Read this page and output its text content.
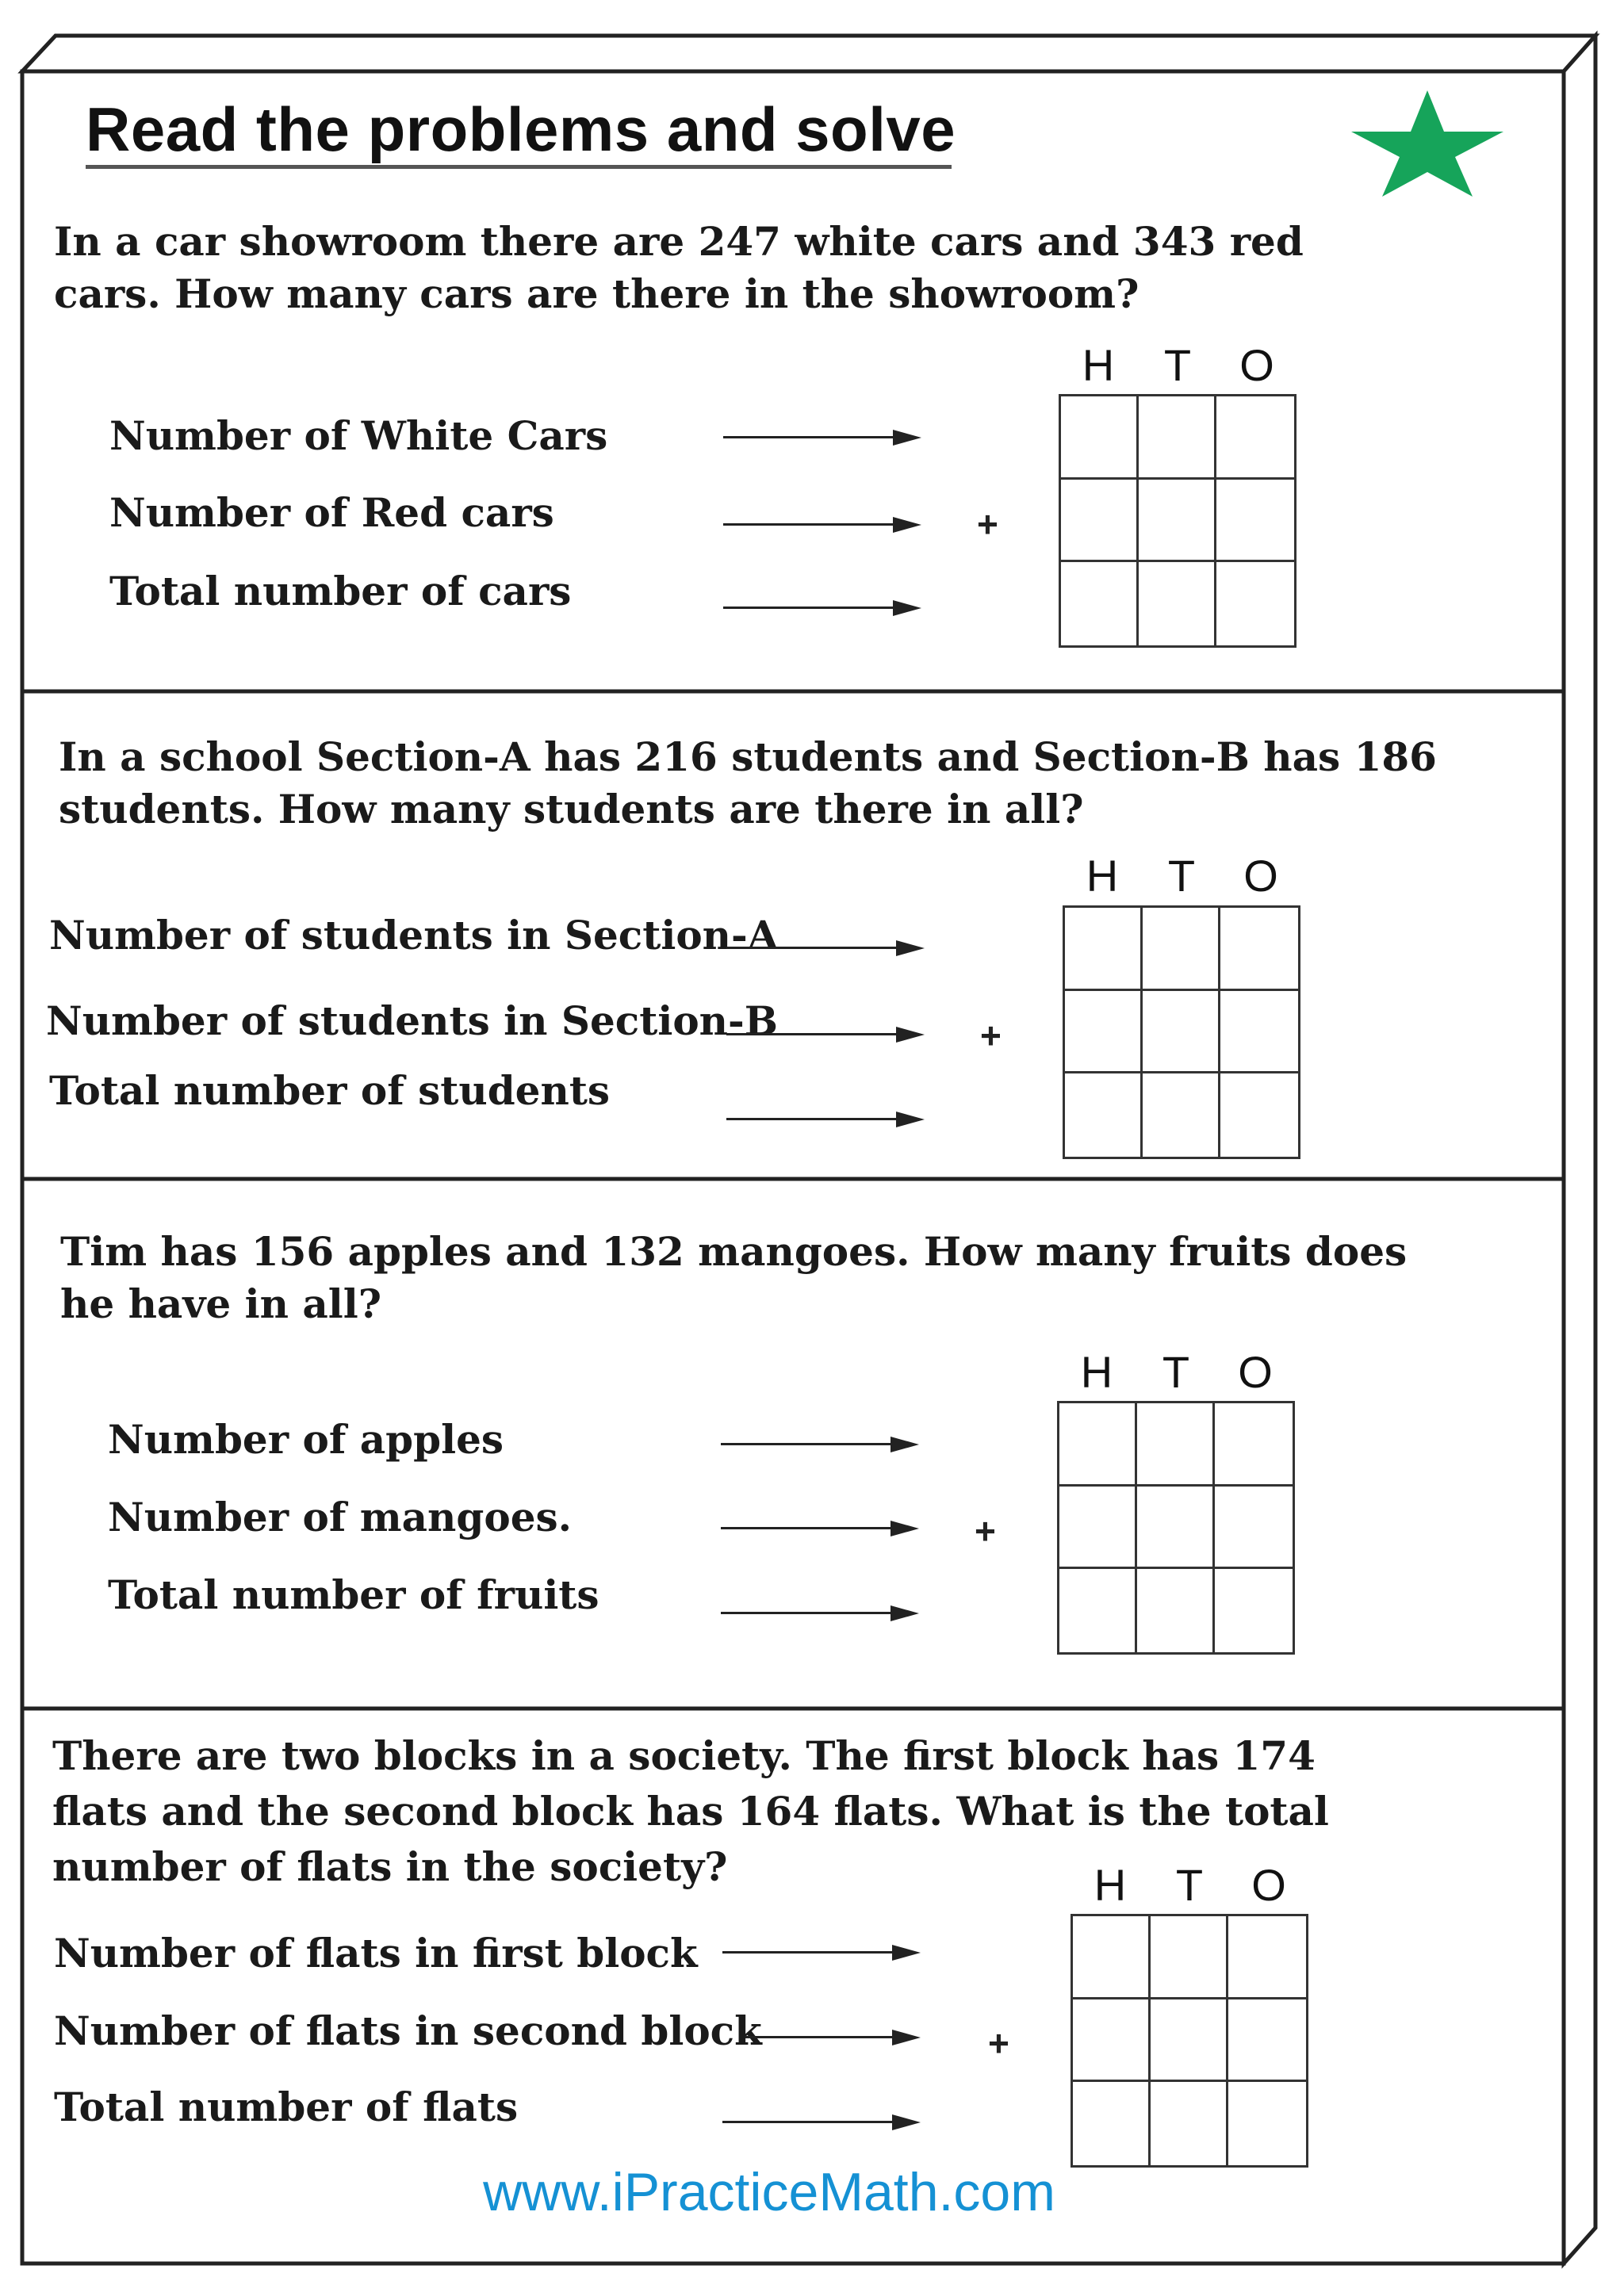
Read the problems and solve
In a car showroom there are 247 white cars and 343 red
cars. How many cars are there in the showroom?
Number of White Cars
Number of Red cars
Total number of cars
+
H	T	O
In a school Section-A has 216 students and Section-B has 186
students. How many students are there in all?
Number of students in Section-A
Number of students in Section-B
Total number of students
+
H	T	O
Tim has 156 apples and 132 mangoes. How many fruits does
he have in all?
Number of apples
Number of mangoes.
Total number of fruits
+
H	T	O
There are two blocks in a society. The first block has 174
flats and the second block has 164 flats. What is the total
number of flats in the society?
Number of flats in first block
Number of flats in second block
Total number of flats
+
H	T	O
www.iPracticeMath.com
